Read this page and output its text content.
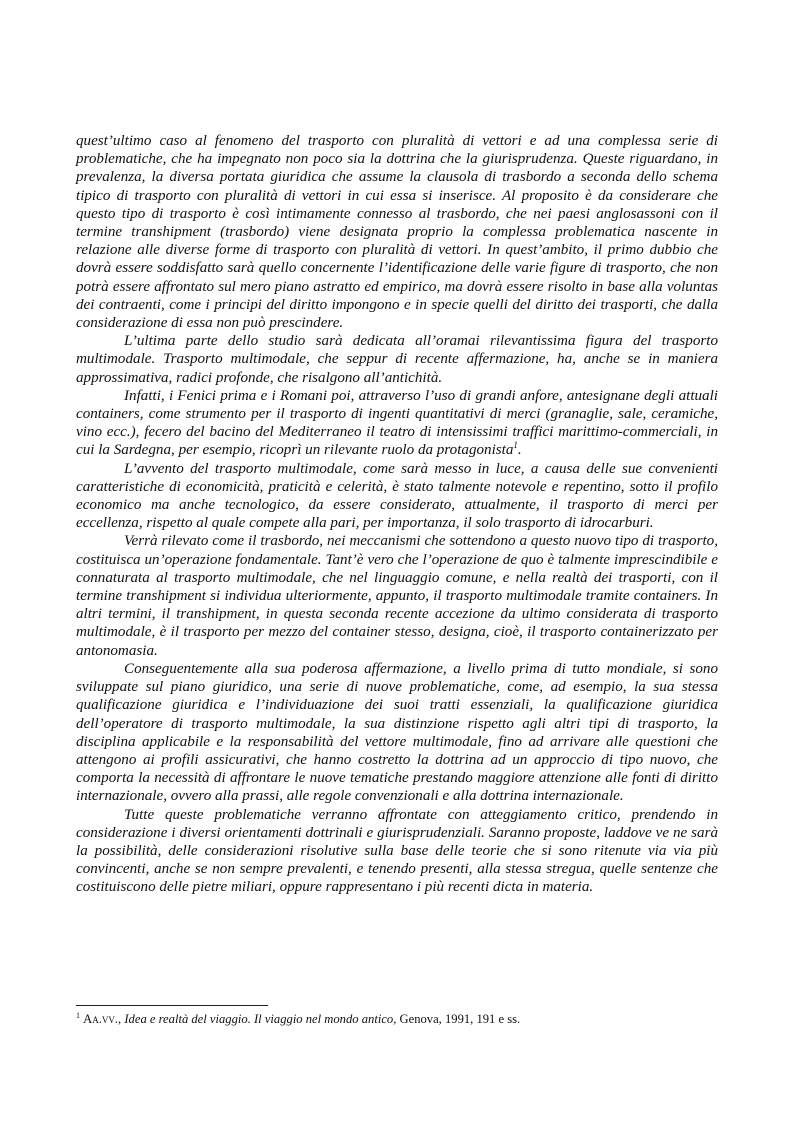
quest’ultimo caso al fenomeno del trasporto con pluralità di vettori e ad una complessa serie di problematiche, che ha impegnato non poco sia la dottrina che la giurisprudenza. Queste riguardano, in prevalenza, la diversa portata giuridica che assume la clausola di trasbordo a seconda dello schema tipico di trasporto con pluralità di vettori in cui essa si inserisce. Al proposito è da considerare che questo tipo di trasporto è così intimamente connesso al trasbordo, che nei paesi anglosassoni con il termine transhipment (trasbordo) viene designata proprio la complessa problematica nascente in relazione alle diverse forme di trasporto con pluralità di vettori. In quest’ambito, il primo dubbio che dovrà essere soddisfatto sarà quello concernente l’identificazione delle varie figure di trasporto, che non potrà essere affrontato sul mero piano astratto ed empirico, ma dovrà essere risolto in base alla voluntas dei contraenti, come i principi del diritto impongono e in specie quelli del diritto dei trasporti, che dalla considerazione di essa non può prescindere.

L’ultima parte dello studio sarà dedicata all’oramai rilevantissima figura del trasporto multimodale. Trasporto multimodale, che seppur di recente affermazione, ha, anche se in maniera approssimativa, radici profonde, che risalgono all’antichità.

Infatti, i Fenici prima e i Romani poi, attraverso l’uso di grandi anfore, antesignane degli attuali containers, come strumento per il trasporto di ingenti quantitativi di merci (granaglie, sale, ceramiche, vino ecc.), fecero del bacino del Mediterraneo il teatro di intensissimi traffici marittimo-commerciali, in cui la Sardegna, per esempio, ricoprì un rilevante ruolo da protagonista$^1$.

L’avvento del trasporto multimodale, come sarà messo in luce, a causa delle sue convenienti caratteristiche di economicità, praticità e celerità, è stato talmente notevole e repentino, sotto il profilo economico ma anche tecnologico, da essere considerato, attualmente, il trasporto di merci per eccellenza, rispetto al quale compete alla pari, per importanza, il solo trasporto di idrocarburi.

Verrà rilevato come il trasbordo, nei meccanismi che sottendono a questo nuovo tipo di trasporto, costituisca un’operazione fondamentale. Tant’è vero che l’operazione de quo è talmente imprescindibile e connaturata al trasporto multimodale, che nel linguaggio comune, e nella realtà dei trasporti, con il termine transhipment si individua ulteriormente, appunto, il trasporto multimodale tramite containers. In altri termini, il transhipment, in questa seconda recente accezione da ultimo considerata di trasporto multimodale, è il trasporto per mezzo del container stesso, designa, cioè, il trasporto containerizzato per antonomasia.

Conseguentemente alla sua poderosa affermazione, a livello prima di tutto mondiale, si sono sviluppate sul piano giuridico, una serie di nuove problematiche, come, ad esempio, la sua stessa qualificazione giuridica e l’individuazione dei suoi tratti essenziali, la qualificazione giuridica dell’operatore di trasporto multimodale, la sua distinzione rispetto agli altri tipi di trasporto, la disciplina applicabile e la responsabilità del vettore multimodale, fino ad arrivare alle questioni che attengono ai profili assicurativi, che hanno costretto la dottrina ad un approccio di tipo nuovo, che comporta la necessità di affrontare le nuove tematiche prestando maggiore attenzione alle fonti di diritto internazionale, ovvero alla prassi, alle regole convenzionali e alla dottrina internazionale.

Tutte queste problematiche verranno affrontate con atteggiamento critico, prendendo in considerazione i diversi orientamenti dottrinali e giurisprudenziali. Saranno proposte, laddove ve ne sarà la possibilità, delle considerazioni risolutive sulla base delle teorie che si sono ritenute via via più convincenti, anche se non sempre prevalenti, e tenendo presenti, alla stessa stregua, quelle sentenze che costituiscono delle pietre miliari, oppure rappresentano i più recenti dicta in materia.

$^1$ Aa.vv., Idea e realtà del viaggio. Il viaggio nel mondo antico, Genova, 1991, 191 e ss.
